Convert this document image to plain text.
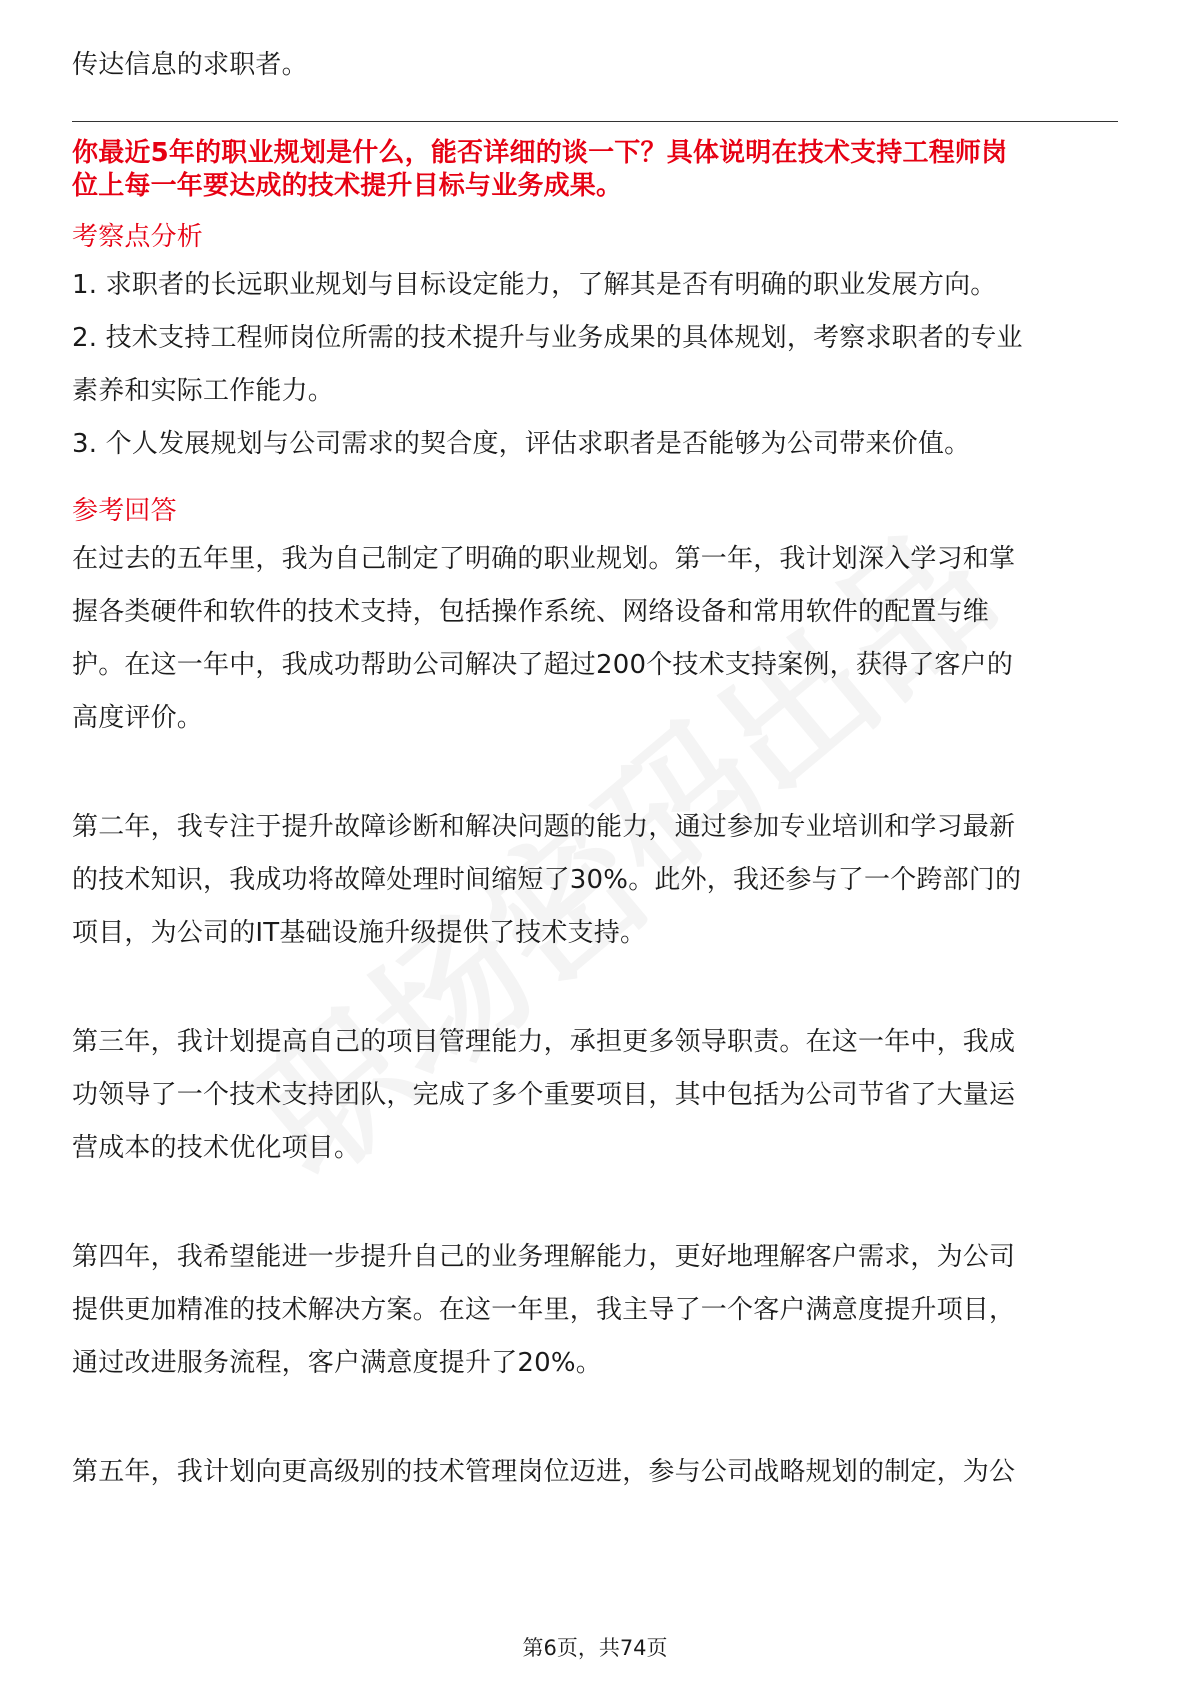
传达信息的求职者。
你最近5年的职业规划是什么，能否详细的谈一下？具体说明在技术支持工程师岗
位上每一年要达成的技术提升目标与业务成果。
考察点分析
1. 求职者的长远职业规划与目标设定能力，了解其是否有明确的职业发展方向。
2. 技术支持工程师岗位所需的技术提升与业务成果的具体规划，考察求职者的专业
素养和实际工作能力。
3. 个人发展规划与公司需求的契合度，评估求职者是否能够为公司带来价值。
参考回答
在过去的五年里，我为自己制定了明确的职业规划。第一年，我计划深入学习和掌
握各类硬件和软件的技术支持，包括操作系统、网络设备和常用软件的配置与维
护。在这一年中，我成功帮助公司解决了超过200个技术支持案例，获得了客户的
高度评价。
第二年，我专注于提升故障诊断和解决问题的能力，通过参加专业培训和学习最新
的技术知识，我成功将故障处理时间缩短了30%。此外，我还参与了一个跨部门的
项目，为公司的IT基础设施升级提供了技术支持。
第三年，我计划提高自己的项目管理能力，承担更多领导职责。在这一年中，我成
功领导了一个技术支持团队，完成了多个重要项目，其中包括为公司节省了大量运
营成本的技术优化项目。
第四年，我希望能进一步提升自己的业务理解能力，更好地理解客户需求，为公司
提供更加精准的技术解决方案。在这一年里，我主导了一个客户满意度提升项目，
通过改进服务流程，客户满意度提升了20%。
第五年，我计划向更高级别的技术管理岗位迈进，参与公司战略规划的制定，为公
第6页，共74页
